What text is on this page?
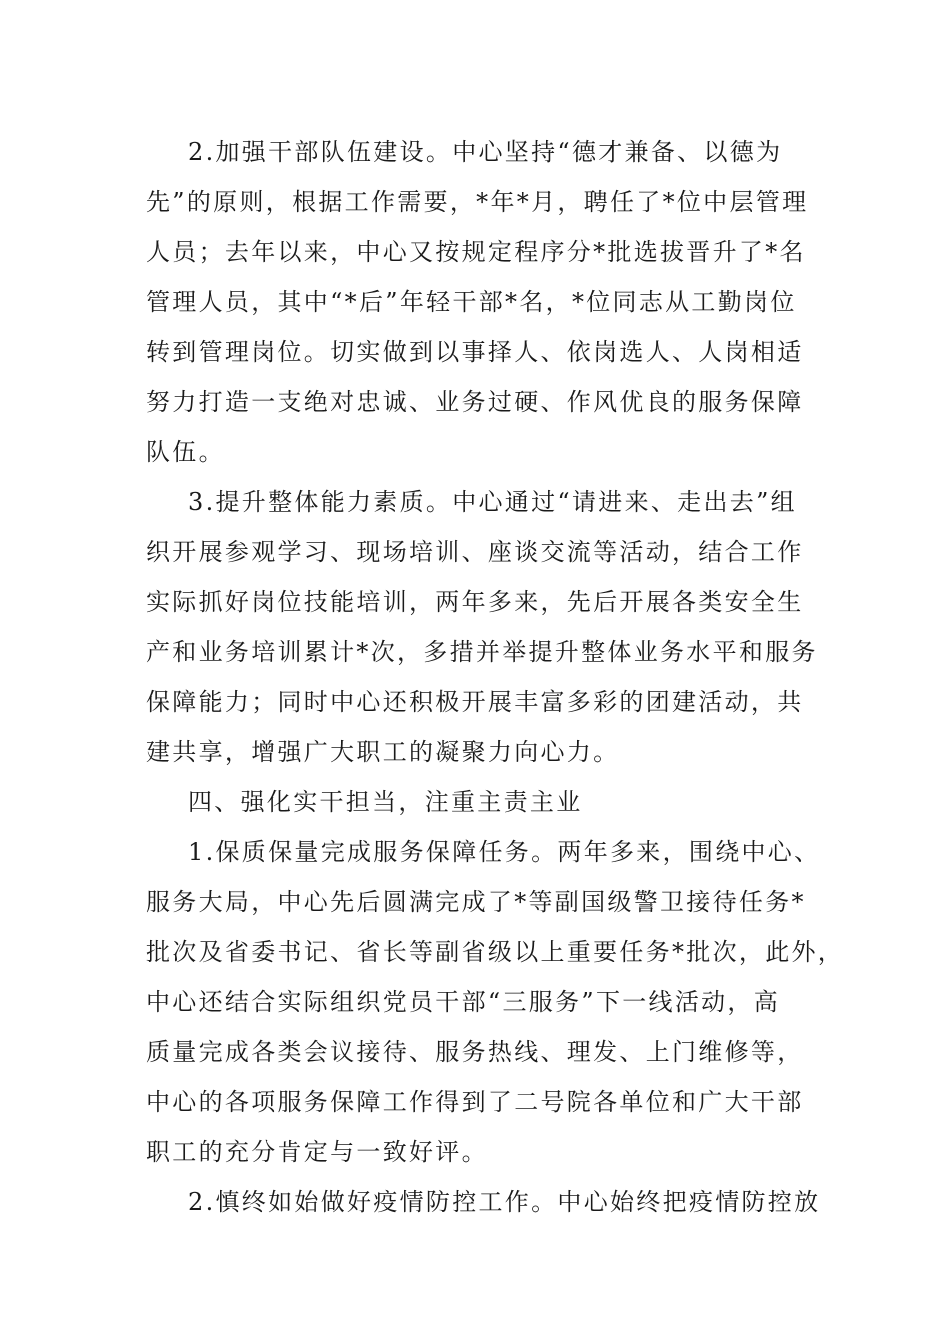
2.加强干部队伍建设。中心坚持“德才兼备、以德为
先”的原则，根据工作需要，*年*月，聘任了*位中层管理
人员；去年以来，中心又按规定程序分*批选拔晋升了*名
管理人员，其中“*后”年轻干部*名，*位同志从工勤岗位
转到管理岗位。切实做到以事择人、依岗选人、人岗相适
努力打造一支绝对忠诚、业务过硬、作风优良的服务保障
队伍。
3.提升整体能力素质。中心通过“请进来、走出去”组
织开展参观学习、现场培训、座谈交流等活动，结合工作
实际抓好岗位技能培训，两年多来，先后开展各类安全生
产和业务培训累计*次，多措并举提升整体业务水平和服务
保障能力；同时中心还积极开展丰富多彩的团建活动，共
建共享，增强广大职工的凝聚力向心力。
四、强化实干担当，注重主责主业
1.保质保量完成服务保障任务。两年多来，围绕中心、
服务大局，中心先后圆满完成了*等副国级警卫接待任务*
批次及省委书记、省长等副省级以上重要任务*批次，此外，
中心还结合实际组织党员干部“三服务”下一线活动，高
质量完成各类会议接待、服务热线、理发、上门维修等，
中心的各项服务保障工作得到了二号院各单位和广大干部
职工的充分肯定与一致好评。
2.慎终如始做好疫情防控工作。中心始终把疫情防控放
